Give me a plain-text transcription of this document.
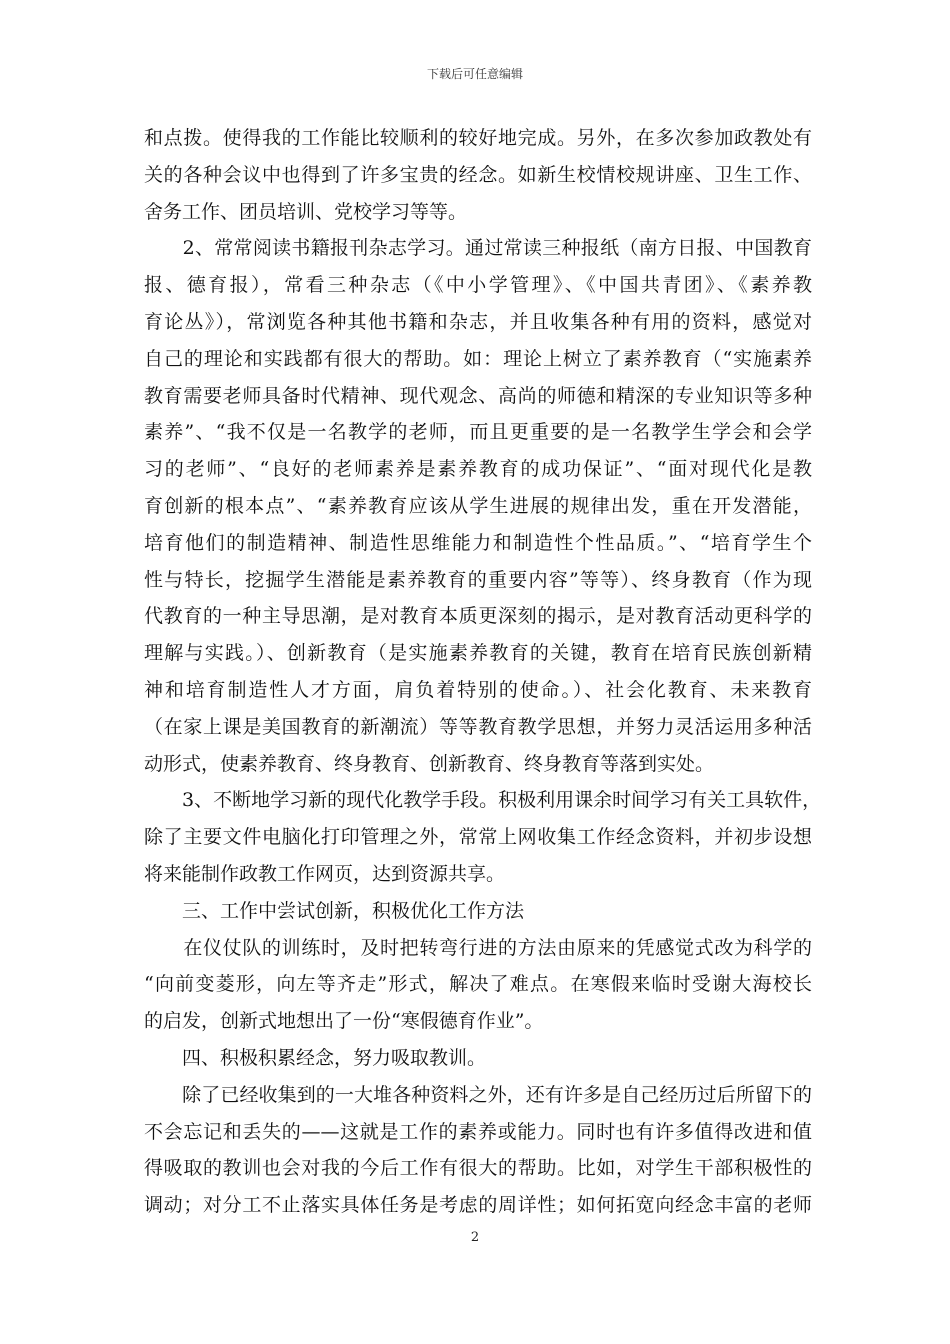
下载后可任意编辑
和点拨。使得我的工作能比较顺利的较好地完成。另外，在多次参加政教处有
关的各种会议中也得到了许多宝贵的经念。如新生校情校规讲座、卫生工作、
舍务工作、团员培训、党校学习等等。
　　2、常常阅读书籍报刊杂志学习。通过常读三种报纸（南方日报、中国教育
报、德育报），常看三种杂志（《中小学管理》、《中国共青团》、《素养教
育论丛》），常浏览各种其他书籍和杂志，并且收集各种有用的资料，感觉对
自己的理论和实践都有很大的帮助。如：理论上树立了素养教育（“实施素养
教育需要老师具备时代精神、现代观念、高尚的师德和精深的专业知识等多种
素养”、“我不仅是一名教学的老师，而且更重要的是一名教学生学会和会学
习的老师”、“良好的老师素养是素养教育的成功保证”、“面对现代化是教
育创新的根本点”、“素养教育应该从学生进展的规律出发，重在开发潜能，
培育他们的制造精神、制造性思维能力和制造性个性品质。”、“培育学生个
性与特长，挖掘学生潜能是素养教育的重要内容”等等）、终身教育（作为现
代教育的一种主导思潮，是对教育本质更深刻的揭示，是对教育活动更科学的
理解与实践。）、创新教育（是实施素养教育的关键，教育在培育民族创新精
神和培育制造性人才方面，肩负着特别的使命。）、社会化教育、未来教育
（在家上课是美国教育的新潮流）等等教育教学思想，并努力灵活运用多种活
动形式，使素养教育、终身教育、创新教育、终身教育等落到实处。
　　3、不断地学习新的现代化教学手段。积极利用课余时间学习有关工具软件，
除了主要文件电脑化打印管理之外，常常上网收集工作经念资料，并初步设想
将来能制作政教工作网页，达到资源共享。
　　三、工作中尝试创新，积极优化工作方法
　　在仪仗队的训练时，及时把转弯行进的方法由原来的凭感觉式改为科学的
“向前变菱形，向左等齐走”形式，解决了难点。在寒假来临时受谢大海校长
的启发，创新式地想出了一份“寒假德育作业”。
　　四、积极积累经念，努力吸取教训。
　　除了已经收集到的一大堆各种资料之外，还有许多是自己经历过后所留下的
不会忘记和丢失的——这就是工作的素养或能力。同时也有许多值得改进和值
得吸取的教训也会对我的今后工作有很大的帮助。比如，对学生干部积极性的
调动；对分工不止落实具体任务是考虑的周详性；如何拓宽向经念丰富的老师
2
